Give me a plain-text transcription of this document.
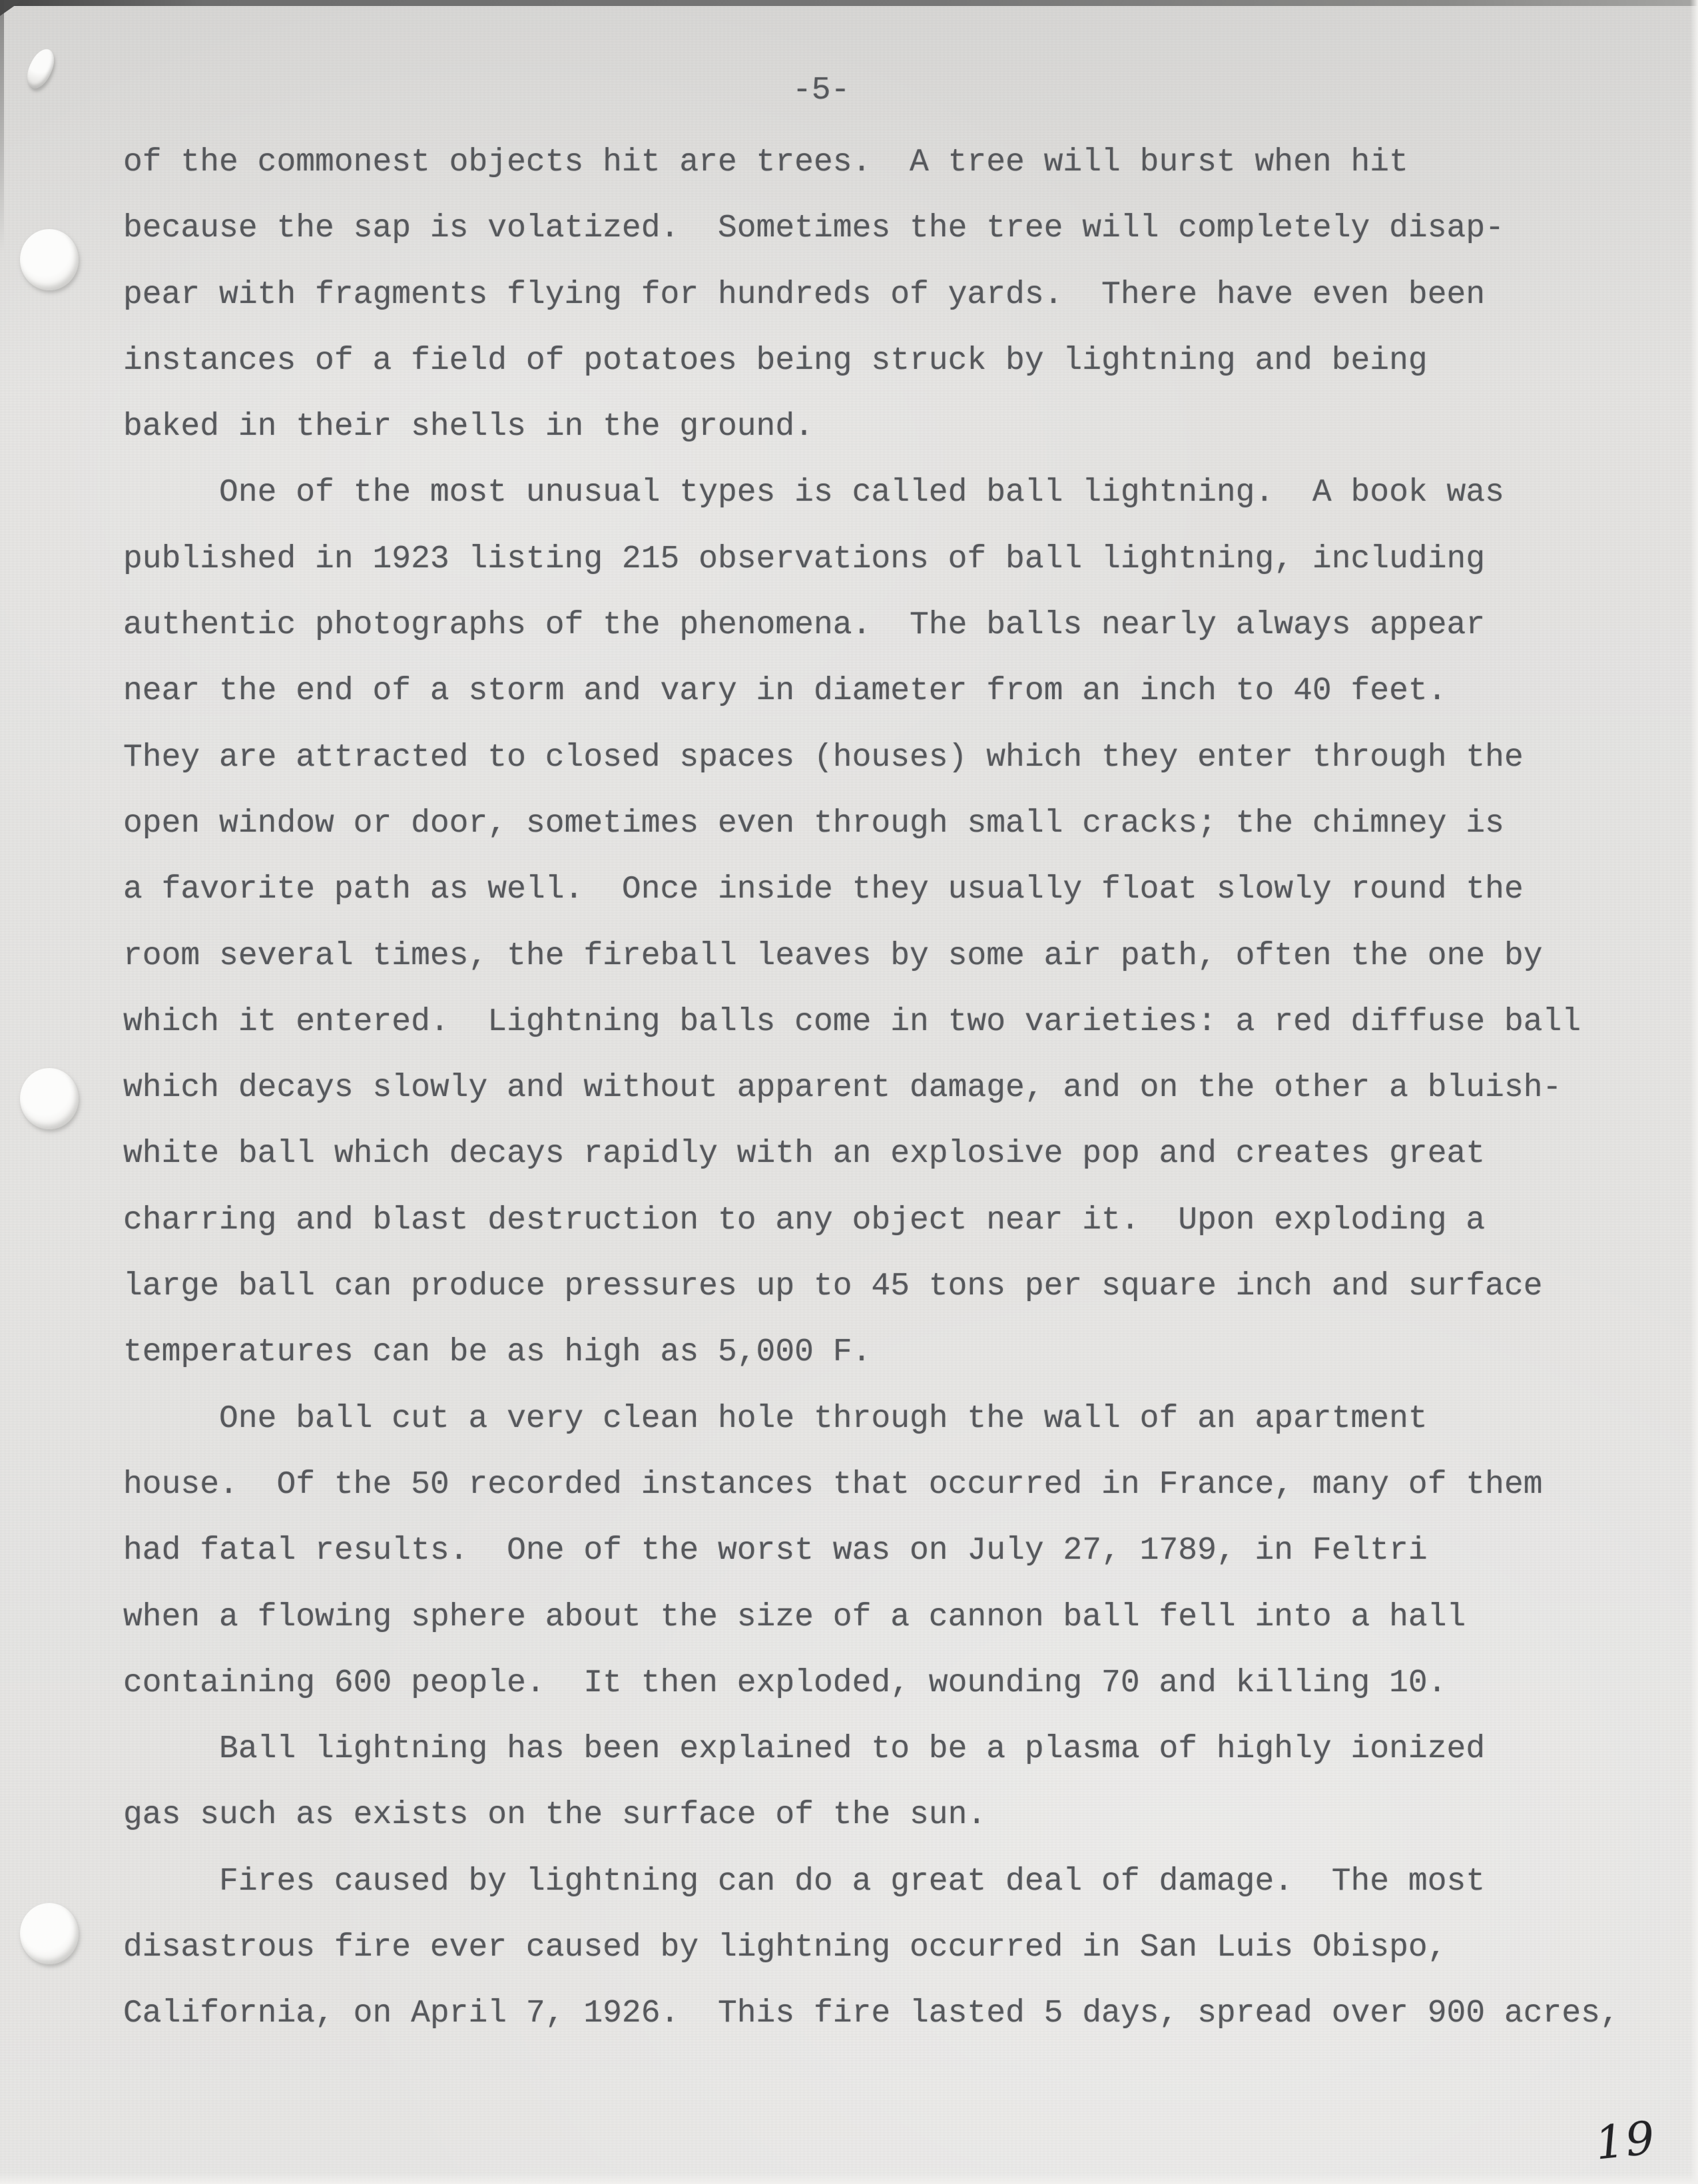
-5-
of the commonest objects hit are trees.  A tree will burst when hit
because the sap is volatized.  Sometimes the tree will completely disap-
pear with fragments flying for hundreds of yards.  There have even been
instances of a field of potatoes being struck by lightning and being
baked in their shells in the ground.
One of the most unusual types is called ball lightning.  A book was
published in 1923 listing 215 observations of ball lightning, including
authentic photographs of the phenomena.  The balls nearly always appear
near the end of a storm and vary in diameter from an inch to 40 feet.
They are attracted to closed spaces (houses) which they enter through the
open window or door, sometimes even through small cracks; the chimney is
a favorite path as well.  Once inside they usually float slowly round the
room several times, the fireball leaves by some air path, often the one by
which it entered.  Lightning balls come in two varieties: a red diffuse ball
which decays slowly and without apparent damage, and on the other a bluish-
white ball which decays rapidly with an explosive pop and creates great
charring and blast destruction to any object near it.  Upon exploding a
large ball can produce pressures up to 45 tons per square inch and surface
temperatures can be as high as 5,000 F.
One ball cut a very clean hole through the wall of an apartment
house.  Of the 50 recorded instances that occurred in France, many of them
had fatal results.  One of the worst was on July 27, 1789, in Feltri
when a flowing sphere about the size of a cannon ball fell into a hall
containing 600 people.  It then exploded, wounding 70 and killing 10.
Ball lightning has been explained to be a plasma of highly ionized
gas such as exists on the surface of the sun.
Fires caused by lightning can do a great deal of damage.  The most
disastrous fire ever caused by lightning occurred in San Luis Obispo,
California, on April 7, 1926.  This fire lasted 5 days, spread over 900 acres,
19
